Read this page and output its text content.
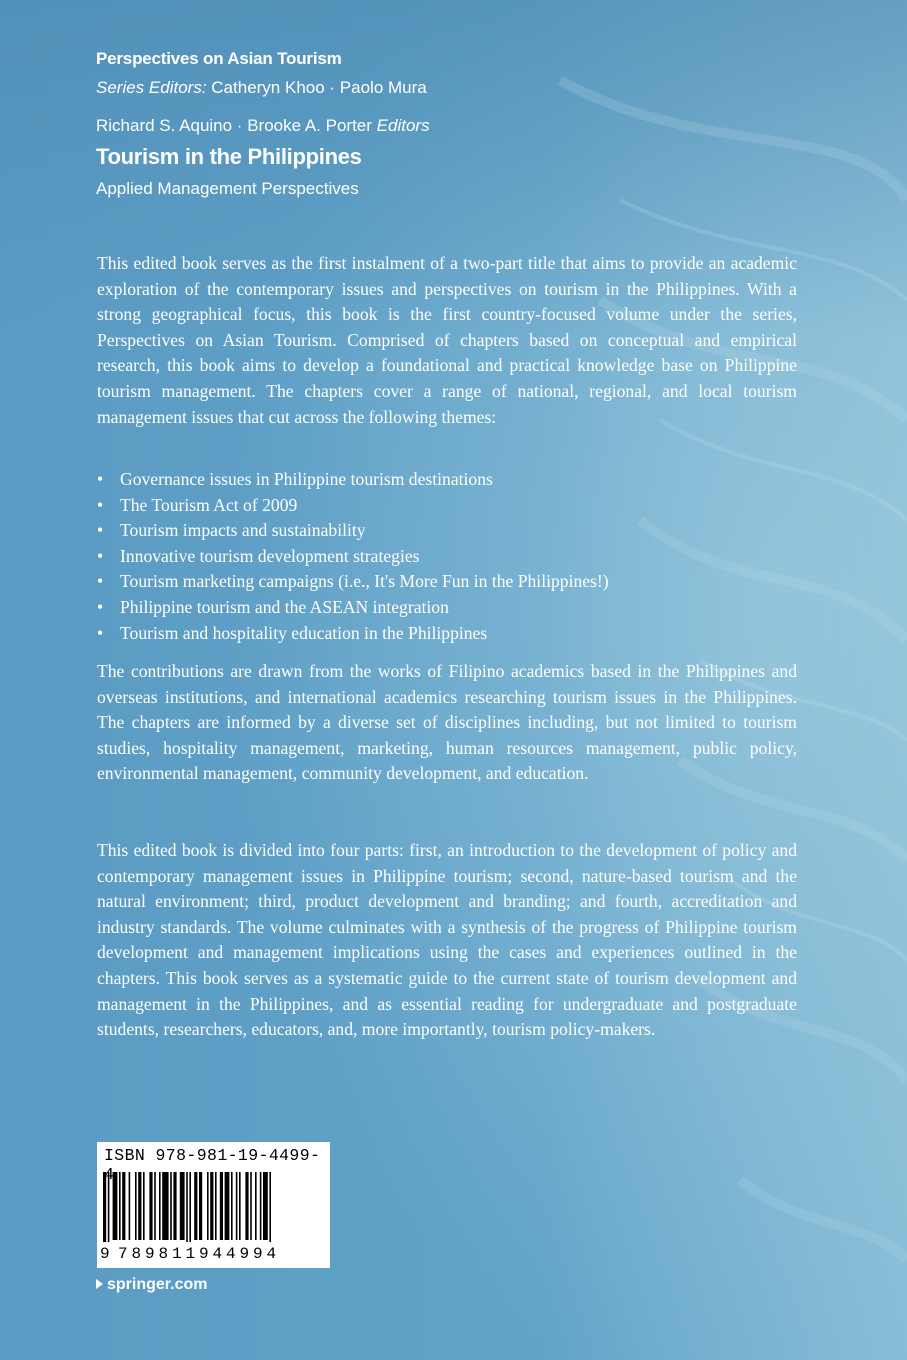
Perspectives on Asian Tourism
Series Editors: Catheryn Khoo · Paolo Mura
Richard S. Aquino · Brooke A. Porter Editors
Tourism in the Philippines
Applied Management Perspectives

This edited book serves as the first instalment of a two-part title that aims to provide an academic exploration of the contemporary issues and perspectives on tourism in the Philippines. With a strong geographical focus, this book is the first country-focused volume under the series, Perspectives on Asian Tourism. Comprised of chapters based on conceptual and empirical research, this book aims to develop a foundational and practical knowledge base on Philippine tourism management. The chapters cover a range of national, regional, and local tourism management issues that cut across the following themes:

• Governance issues in Philippine tourism destinations
• The Tourism Act of 2009
• Tourism impacts and sustainability
• Innovative tourism development strategies
• Tourism marketing campaigns (i.e., It's More Fun in the Philippines!)
• Philippine tourism and the ASEAN integration
• Tourism and hospitality education in the Philippines

The contributions are drawn from the works of Filipino academics based in the Philippines and overseas institutions, and international academics researching tourism issues in the Philippines. The chapters are informed by a diverse set of disciplines including, but not limited to tourism studies, hospitality management, marketing, human resources management, public policy, environmental management, community development, and education.

This edited book is divided into four parts: first, an introduction to the development of policy and contemporary management issues in Philippine tourism; second, nature-based tourism and the natural environment; third, product development and branding; and fourth, accreditation and industry standards. The volume culminates with a synthesis of the progress of Philippine tourism development and management implications using the cases and experiences outlined in the chapters. This book serves as a systematic guide to the current state of tourism development and management in the Philippines, and as essential reading for undergraduate and postgraduate students, researchers, educators, and, more importantly, tourism policy-makers.

ISBN 978-981-19-4499-
9 789811944994
springer.com
